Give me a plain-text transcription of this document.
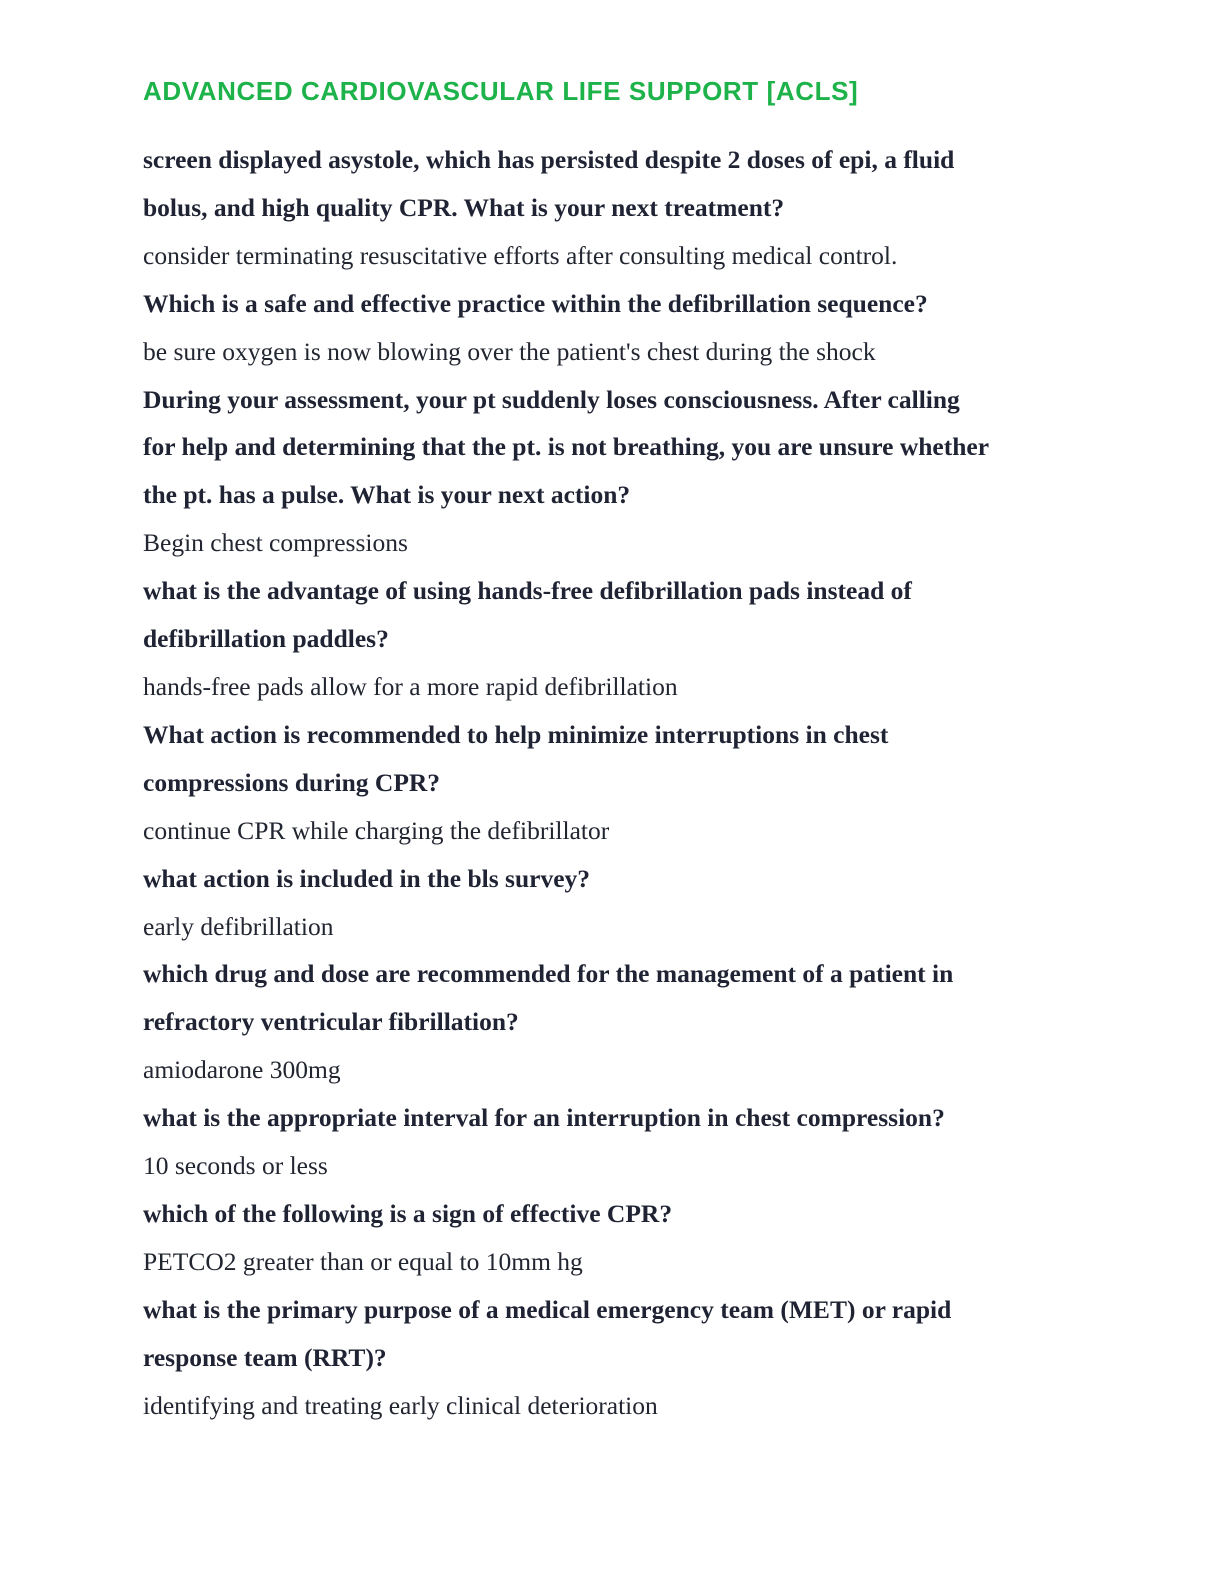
ADVANCED CARDIOVASCULAR LIFE SUPPORT [ACLS]

screen displayed asystole, which has persisted despite 2 doses of epi, a fluid

bolus, and high quality CPR. What is your next treatment?

consider terminating resuscitative efforts after consulting medical control.

Which is a safe and effective practice within the defibrillation sequence?

be sure oxygen is now blowing over the patient's chest during the shock

During your assessment, your pt suddenly loses consciousness. After calling

for help and determining that the pt. is not breathing, you are unsure whether

the pt. has a pulse. What is your next action?

Begin chest compressions

what is the advantage of using hands-free defibrillation pads instead of

defibrillation paddles?

hands-free pads allow for a more rapid defibrillation

What action is recommended to help minimize interruptions in chest

compressions during CPR?

continue CPR while charging the defibrillator

what action is included in the bls survey?

early defibrillation

which drug and dose are recommended for the management of a patient in

refractory ventricular fibrillation?

amiodarone 300mg

what is the appropriate interval for an interruption in chest compression?

10 seconds or less

which of the following is a sign of effective CPR?

PETCO2 greater than or equal to 10mm hg

what is the primary purpose of a medical emergency team (MET) or rapid

response team (RRT)?

identifying and treating early clinical deterioration
